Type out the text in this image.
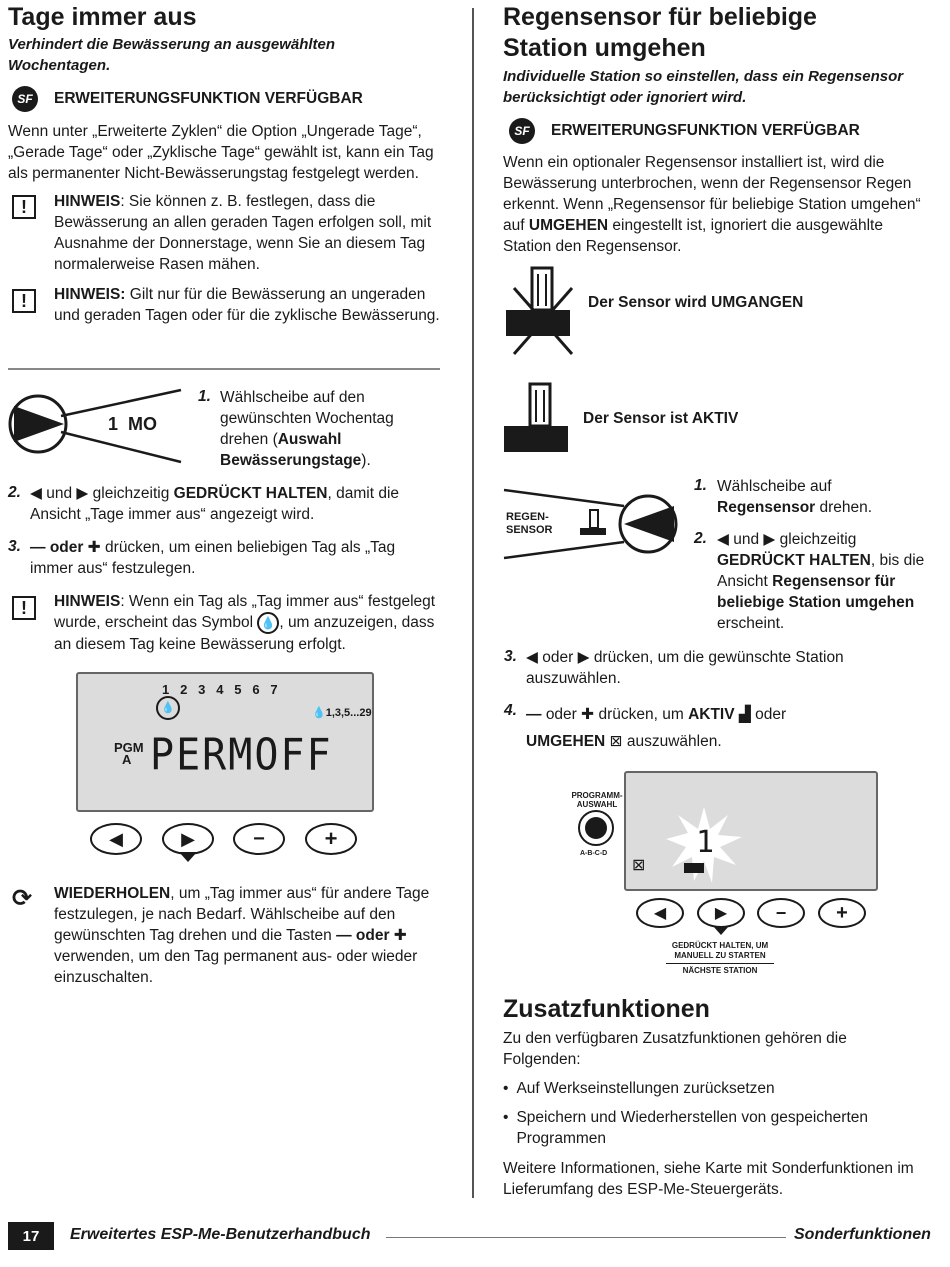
Tage immer aus
Verhindert die Bewässerung an ausgewählten Wochentagen.
SF	ERWEITERUNGSFUNKTION VERFÜGBAR
Wenn unter „Erweiterte Zyklen“ die Option „Ungerade Tage“, „Gerade Tage“ oder „Zyklische Tage“ gewählt ist, kann ein Tag als permanenter Nicht-Bewässerungstag festgelegt werden.
!	HINWEIS: Sie können z. B. festlegen, dass die Bewässerung an allen geraden Tagen erfolgen soll, mit Ausnahme der Donnerstage, wenn Sie an diesem Tag normalerweise Rasen mähen.
!	HINWEIS: Gilt nur für die Bewässerung an ungeraden und geraden Tagen oder für die zyklische Bewässerung.
1  MO
1. Wählscheibe auf den gewünschten Wochentag drehen (Auswahl Bewässerungstage).
2. ◀ und ▶ gleichzeitig GEDRÜCKT HALTEN, damit die Ansicht „Tage immer aus“ angezeigt wird.
3. — oder ✚ drücken, um einen beliebigen Tag als „Tag immer aus“ festzulegen.
!	HINWEIS: Wenn ein Tag als „Tag immer aus“ festgelegt wurde, erscheint das Symbol 💧 , um anzuzeigen, dass an diesem Tag keine Bewässerung erfolgt.
1   2   3   4   5   6   7
💧	💧1,3,5...29
PGM
A PERMOFF
◀	▶	−	+
⟳ WIEDERHOLEN, um „Tag immer aus“ für andere Tage festzulegen, je nach Bedarf. Wählscheibe auf den gewünschten Tag drehen und die Tasten — oder ✚ verwenden, um den Tag permanent aus- oder wieder einzuschalten.
Regensensor für beliebige
Station umgehen
Individuelle Station so einstellen, dass ein Regensensor berücksichtigt oder ignoriert wird.
SF	ERWEITERUNGSFUNKTION VERFÜGBAR
Wenn ein optionaler Regensensor installiert ist, wird die Bewässerung unterbrochen, wenn der Regensensor Regen erkennt. Wenn „Regensensor für beliebige Station umgehen“ auf UMGEHEN eingestellt ist, ignoriert die ausgewählte Station den Regensensor.
Der Sensor wird UMGANGEN
Der Sensor ist AKTIV
REGEN-
SENSOR
1. Wählscheibe auf Regensensor drehen.
2. ◀ und ▶ gleichzeitig GEDRÜCKT HALTEN, bis die Ansicht Regensensor für beliebige Station umgehen erscheint.
3. ◀ oder ▶ drücken, um die gewünschte Station auszuwählen.
4. — oder ✚ drücken, um AKTIV ▟ oder UMGEHEN ⊠ auszuwählen.
PROGRAMM-
AUSWAHL
A-B-C-D	1
⊠
◀	▶	− +
GEDRÜCKT HALTEN, UM
MANUELL ZU STARTEN
NÄCHSTE STATION
Zusatzfunktionen
Zu den verfügbaren Zusatzfunktionen gehören die Folgenden:
• Auf Werkseinstellungen zurücksetzen
• Speichern und Wiederherstellen von gespeicherten Programmen
Weitere Informationen, siehe Karte mit Sonderfunktionen im Lieferumfang des ESP-Me-Steuergeräts.
17	Erweitertes ESP-Me-Benutzerhandbuch	Sonderfunktionen
